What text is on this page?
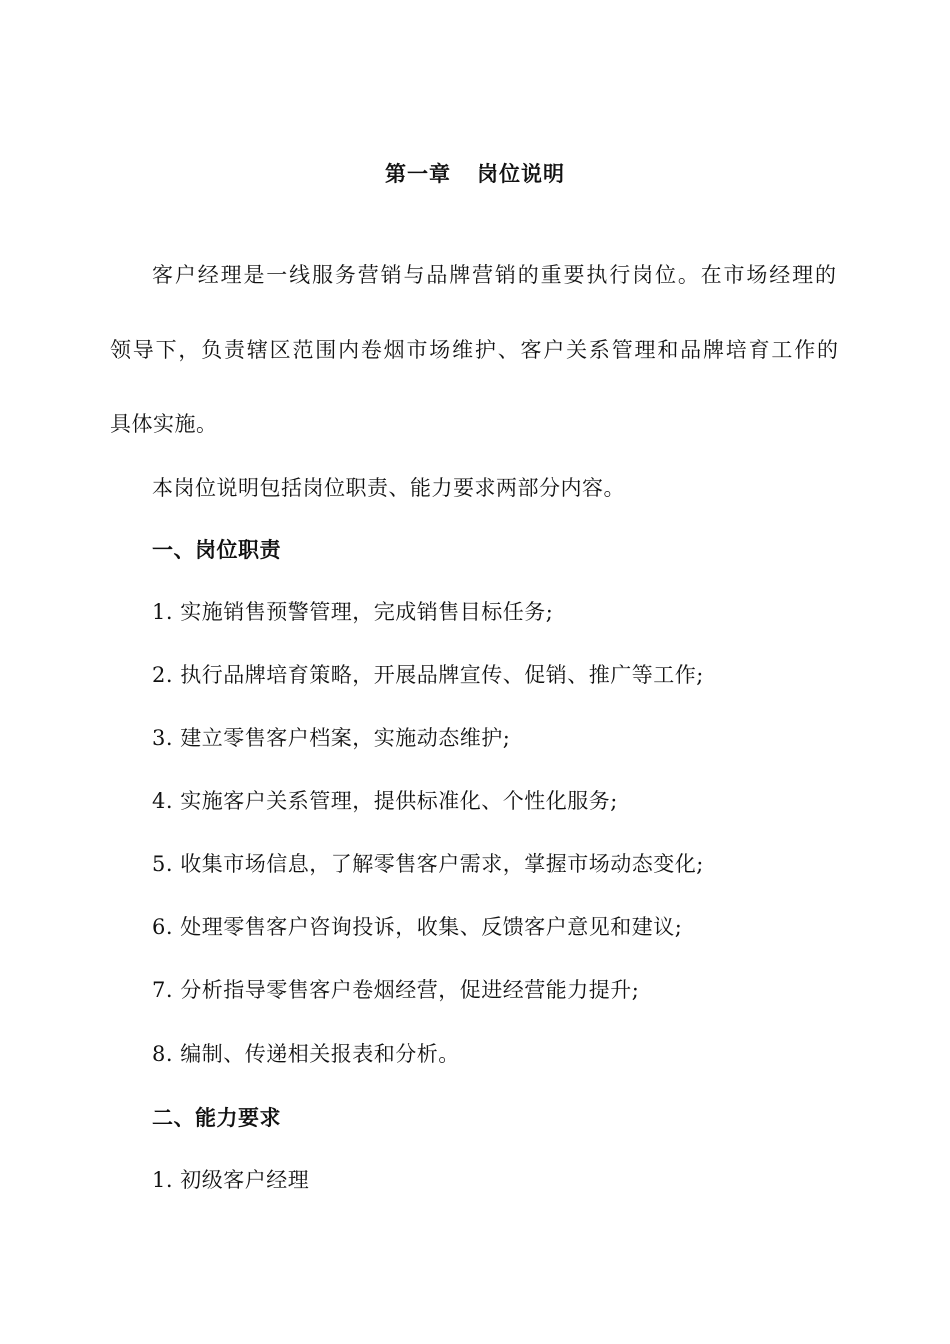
第一章 岗位说明
客户经理是一线服务营销与品牌营销的重要执行岗位。在市场经理的
领导下，负责辖区范围内卷烟市场维护、客户关系管理和品牌培育工作的
具体实施。
本岗位说明包括岗位职责、能力要求两部分内容。
一、岗位职责
1. 实施销售预警管理，完成销售目标任务;
2. 执行品牌培育策略，开展品牌宣传、促销、推广等工作;
3. 建立零售客户档案，实施动态维护;
4. 实施客户关系管理，提供标准化、个性化服务;
5. 收集市场信息，了解零售客户需求，掌握市场动态变化;
6. 处理零售客户咨询投诉，收集、反馈客户意见和建议;
7. 分析指导零售客户卷烟经营，促进经营能力提升;
8. 编制、传递相关报表和分析。
二、能力要求
1. 初级客户经理
